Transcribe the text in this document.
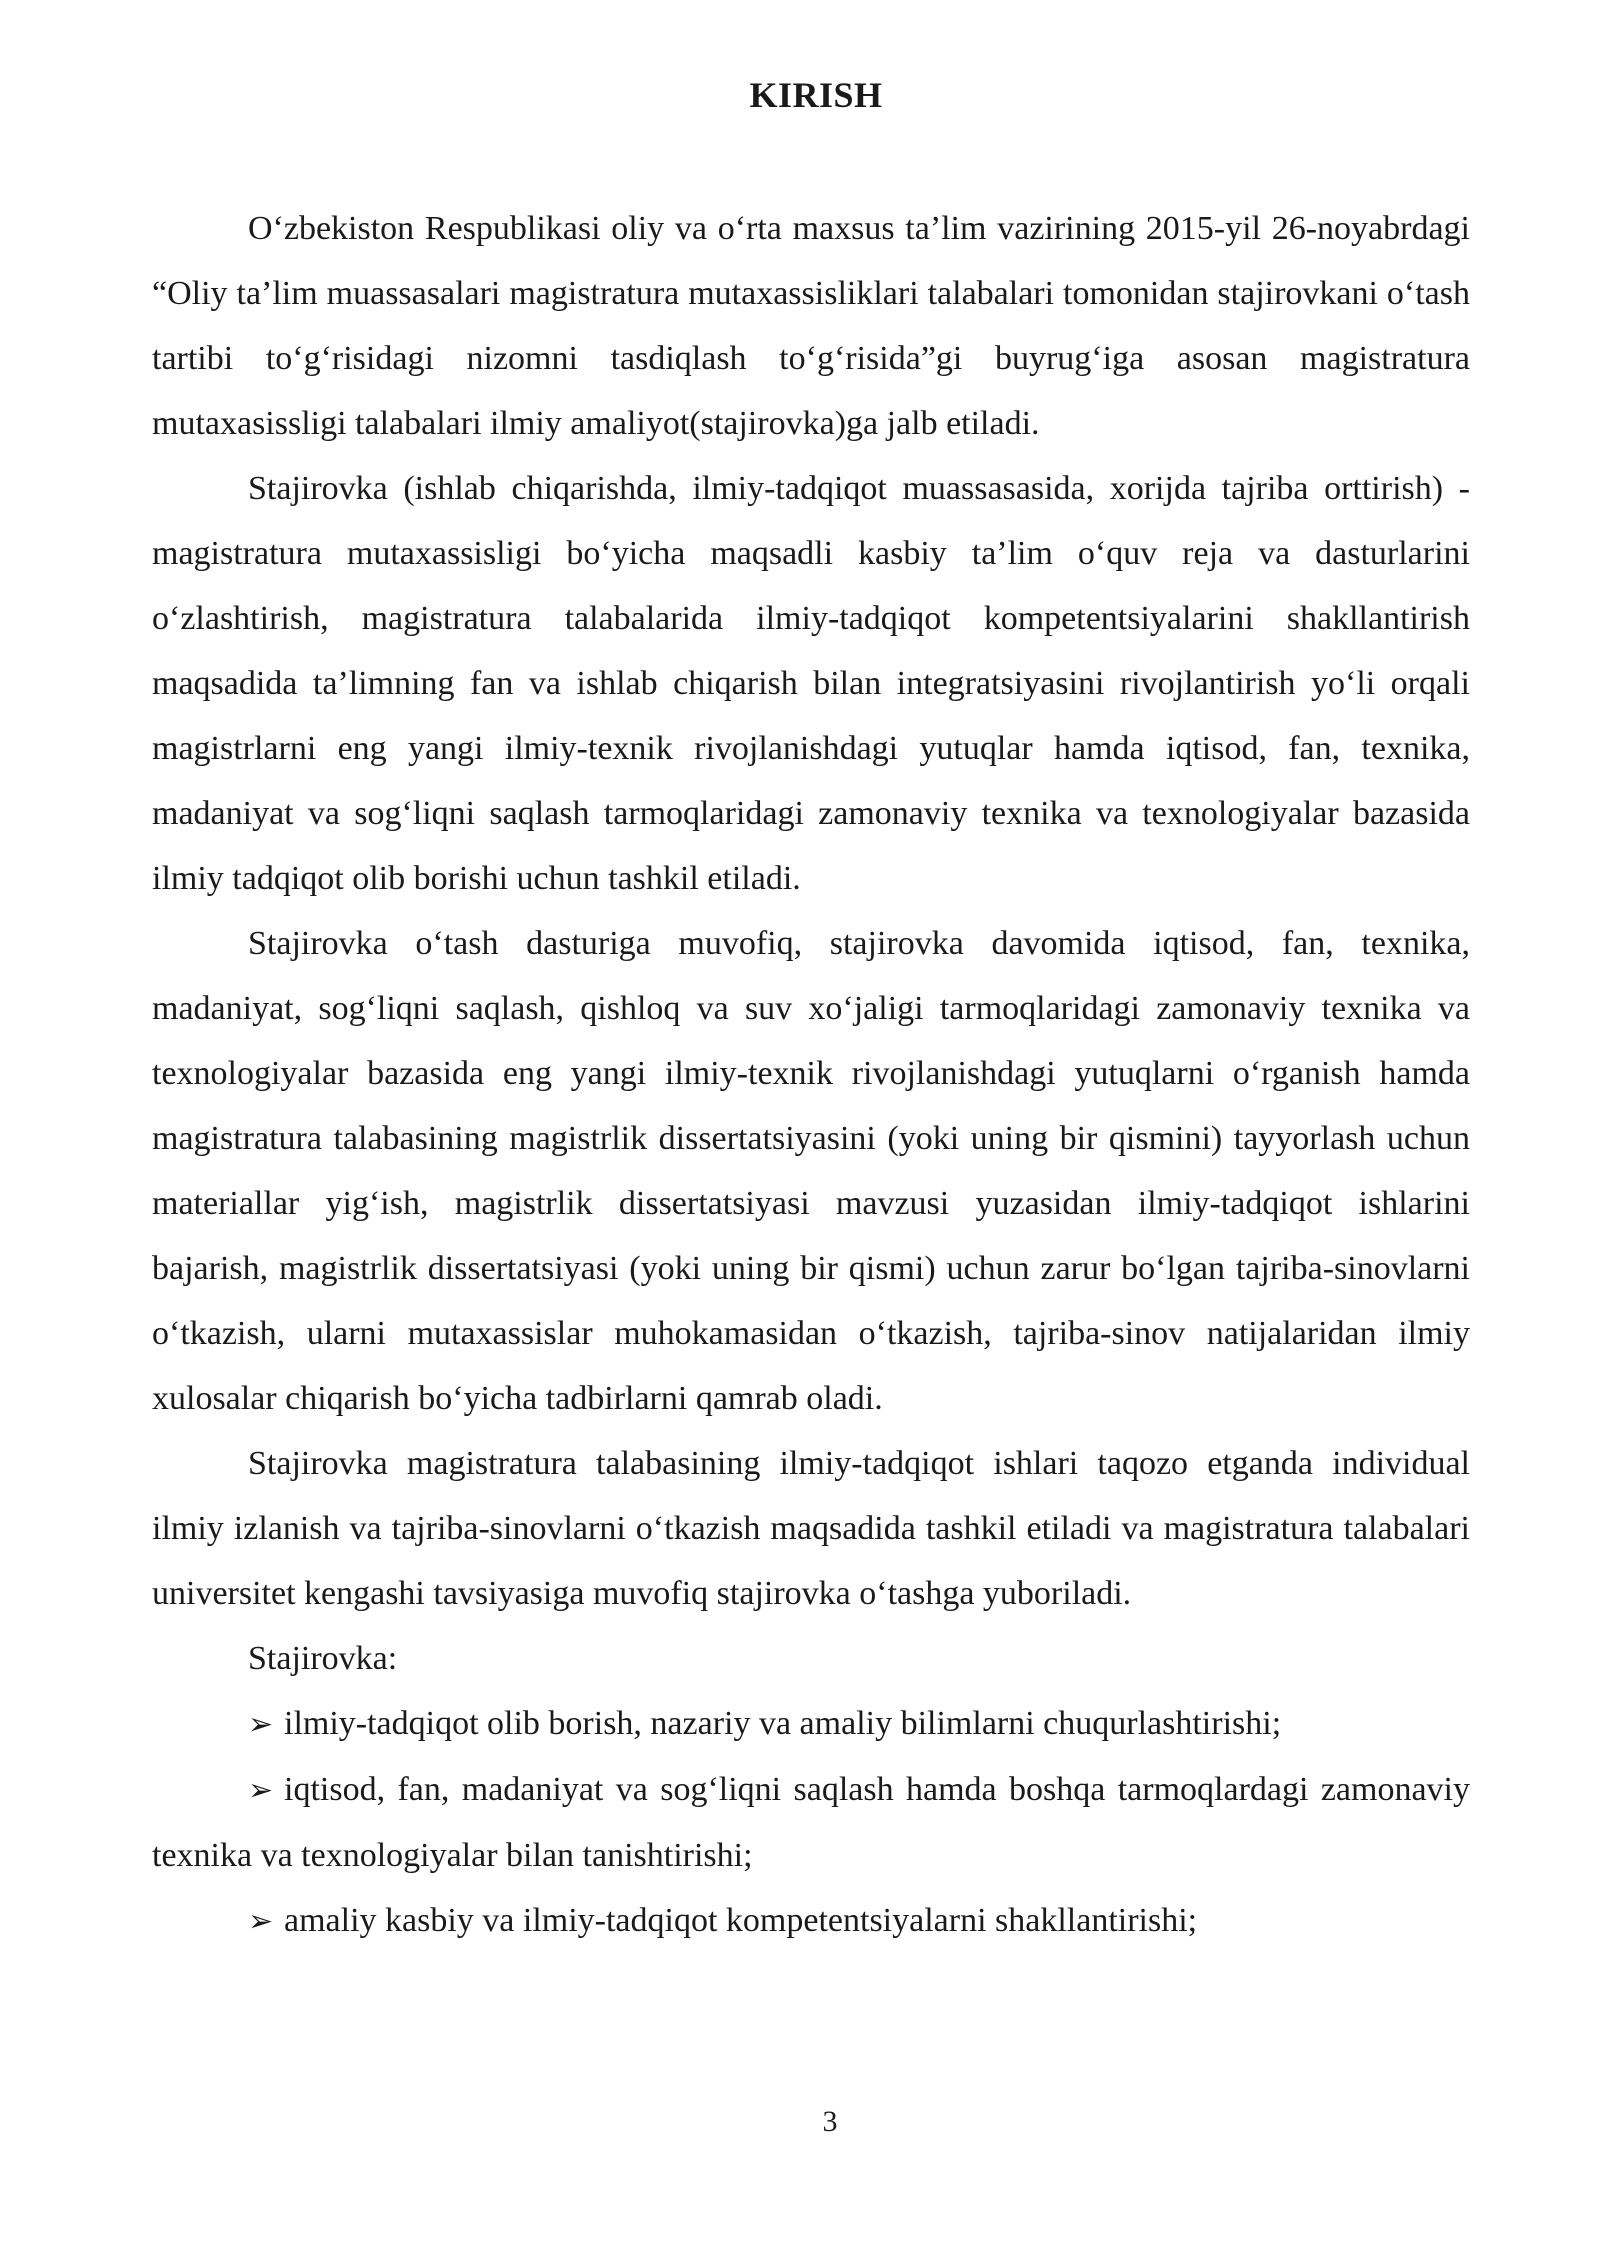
KIRISH

O‘zbekiston Respublikasi oliy va o‘rta maxsus ta’lim vazirining 2015-yil 26-noyabrdagi “Oliy ta’lim muassasalari magistratura mutaxassisliklari talabalari tomonidan stajirovkani o‘tash tartibi to‘g‘risidagi nizomni tasdiqlash to‘g‘risida”gi buyrug‘iga asosan magistratura mutaxasissligi talabalari ilmiy amaliyot(stajirovka)ga jalb etiladi.

Stajirovka (ishlab chiqarishda, ilmiy-tadqiqot muassasasida, xorijda tajriba orttirish) - magistratura mutaxassisligi bo‘yicha maqsadli kasbiy ta’lim o‘quv reja va dasturlarini o‘zlashtirish, magistratura talabalarida ilmiy-tadqiqot kompetentsiyalarini shakllantirish maqsadida ta’limning fan va ishlab chiqarish bilan integratsiyasini rivojlantirish yo‘li orqali magistrlarni eng yangi ilmiy-texnik rivojlanishdagi yutuqlar hamda iqtisod, fan, texnika, madaniyat va sog‘liqni saqlash tarmoqlaridagi zamonaviy texnika va texnologiyalar bazasida ilmiy tadqiqot olib borishi uchun tashkil etiladi.

Stajirovka o‘tash dasturiga muvofiq, stajirovka davomida iqtisod, fan, texnika, madaniyat, sog‘liqni saqlash, qishloq va suv xo‘jaligi tarmoqlaridagi zamonaviy texnika va texnologiyalar bazasida eng yangi ilmiy-texnik rivojlanishdagi yutuqlarni o‘rganish hamda magistratura talabasining magistrlik dissertatsiyasini (yoki uning bir qismini) tayyorlash uchun materiallar yig‘ish, magistrlik dissertatsiyasi mavzusi yuzasidan ilmiy-tadqiqot ishlarini bajarish, magistrlik dissertatsiyasi (yoki uning bir qismi) uchun zarur bo‘lgan tajriba-sinovlarni o‘tkazish, ularni mutaxassislar muhokamasidan o‘tkazish, tajriba-sinov natijalaridan ilmiy xulosalar chiqarish bo‘yicha tadbirlarni qamrab oladi.

Stajirovka magistratura talabasining ilmiy-tadqiqot ishlari taqozo etganda individual ilmiy izlanish va tajriba-sinovlarni o‘tkazish maqsadida tashkil etiladi va magistratura talabalari universitet kengashi tavsiyasiga muvofiq stajirovka o‘tashga yuboriladi.

Stajirovka:

➢ ilmiy-tadqiqot olib borish, nazariy va amaliy bilimlarni chuqurlashtirishi;

➢ iqtisod, fan, madaniyat va sog‘liqni saqlash hamda boshqa tarmoqlardagi zamonaviy texnika va texnologiyalar bilan tanishtirishi;

➢ amaliy kasbiy va ilmiy-tadqiqot kompetentsiyalarni shakllantirishi;

3
